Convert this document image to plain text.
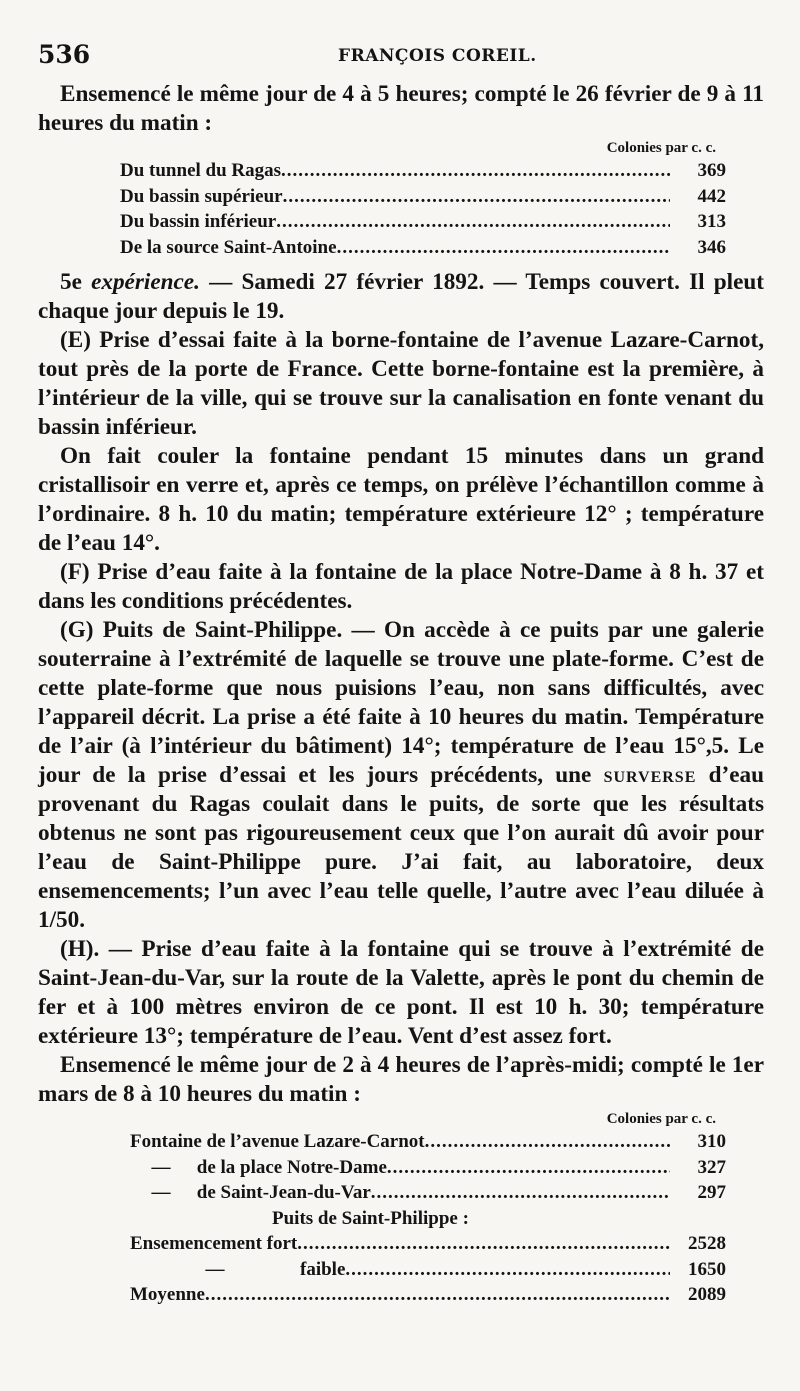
536	FRANÇOIS COREIL.

Ensemencé le même jour de 4 à 5 heures; compté le 26 février de 9 à 11 heures du matin :

Colonies par c. c.
Du tunnel du Ragas .....	369
Du bassin supérieur .....	442
Du bassin inférieur .....	313
De la source Saint-Antoine .....	346

5e expérience. — Samedi 27 février 1892. — Temps couvert. Il pleut chaque jour depuis le 19.

(E) Prise d’essai faite à la borne-fontaine de l’avenue Lazare-Carnot, tout près de la porte de France. Cette borne-fontaine est la première, à l’intérieur de la ville, qui se trouve sur la canalisation en fonte venant du bassin inférieur.

On fait couler la fontaine pendant 15 minutes dans un grand cristallisoir en verre et, après ce temps, on prélève l’échantillon comme à l’ordinaire. 8 h. 10 du matin; température extérieure 12° ; température de l’eau 14°.

(F) Prise d’eau faite à la fontaine de la place Notre-Dame à 8 h. 37 et dans les conditions précédentes.

(G) Puits de Saint-Philippe. — On accède à ce puits par une galerie souterraine à l’extrémité de laquelle se trouve une plate-forme. C’est de cette plate-forme que nous puisions l’eau, non sans difficultés, avec l’appareil décrit. La prise a été faite à 10 heures du matin. Température de l’air (à l’intérieur du bâtiment) 14°; température de l’eau 15°,5. Le jour de la prise d’essai et les jours précédents, une surverse d’eau provenant du Ragas coulait dans le puits, de sorte que les résultats obtenus ne sont pas rigoureusement ceux que l’on aurait dû avoir pour l’eau de Saint-Philippe pure. J’ai fait, au laboratoire, deux ensemencements; l’un avec l’eau telle quelle, l’autre avec l’eau diluée à 1/50.

(H). — Prise d’eau faite à la fontaine qui se trouve à l’extrémité de Saint-Jean-du-Var, sur la route de la Valette, après le pont du chemin de fer et à 100 mètres environ de ce pont. Il est 10 h. 30; température extérieure 13°; température de l’eau. Vent d’est assez fort.

Ensemencé le même jour de 2 à 4 heures de l’après-midi; compté le 1er mars de 8 à 10 heures du matin :

Colonies par c. c.
Fontaine de l’avenue Lazare-Carnot .....	310
— de la place Notre-Dame .....	327
— de Saint-Jean-du-Var .....	297
Puits de Saint-Philippe :
Ensemencement fort .....	2528
—	faible .....	1650
Moyenne .....	2089
